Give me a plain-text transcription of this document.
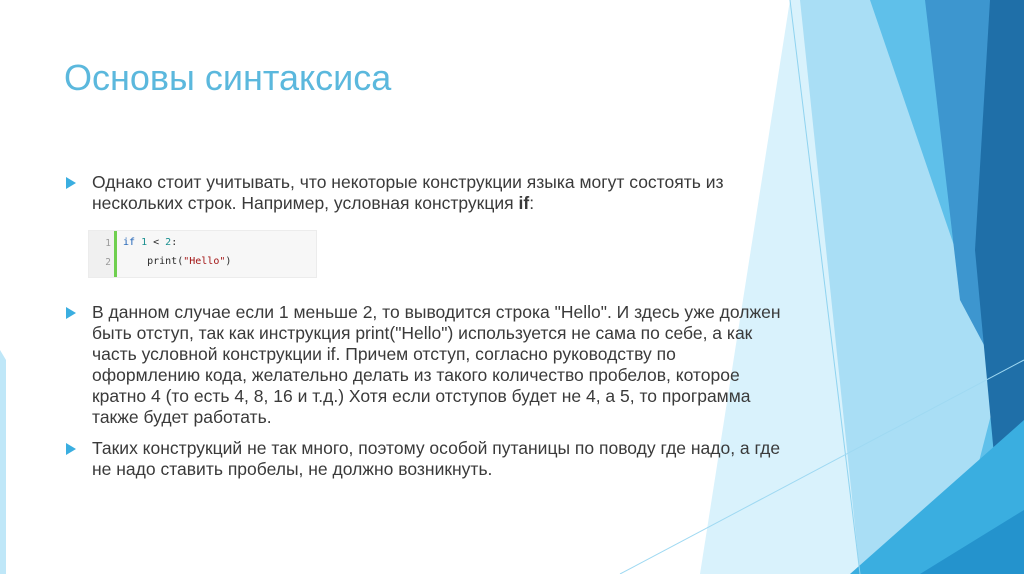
Основы синтаксиса
Однако стоит учитывать, что некоторые конструкции языка могут состоять из нескольких строк. Например, условная конструкция if:
1
2
if 1 < 2:
print("Hello")
В данном случае если 1 меньше 2, то выводится строка "Hello". И здесь уже должен быть отступ, так как инструкция print("Hello") используется не сама по себе, а как часть условной конструкции if. Причем отступ, согласно руководству по оформлению кода, желательно делать из такого количество пробелов, которое кратно 4 (то есть 4, 8, 16 и т.д.) Хотя если отступов будет не 4, а 5, то программа также будет работать.
Таких конструкций не так много, поэтому особой путаницы по поводу где надо, а где не надо ставить пробелы, не должно возникнуть.
